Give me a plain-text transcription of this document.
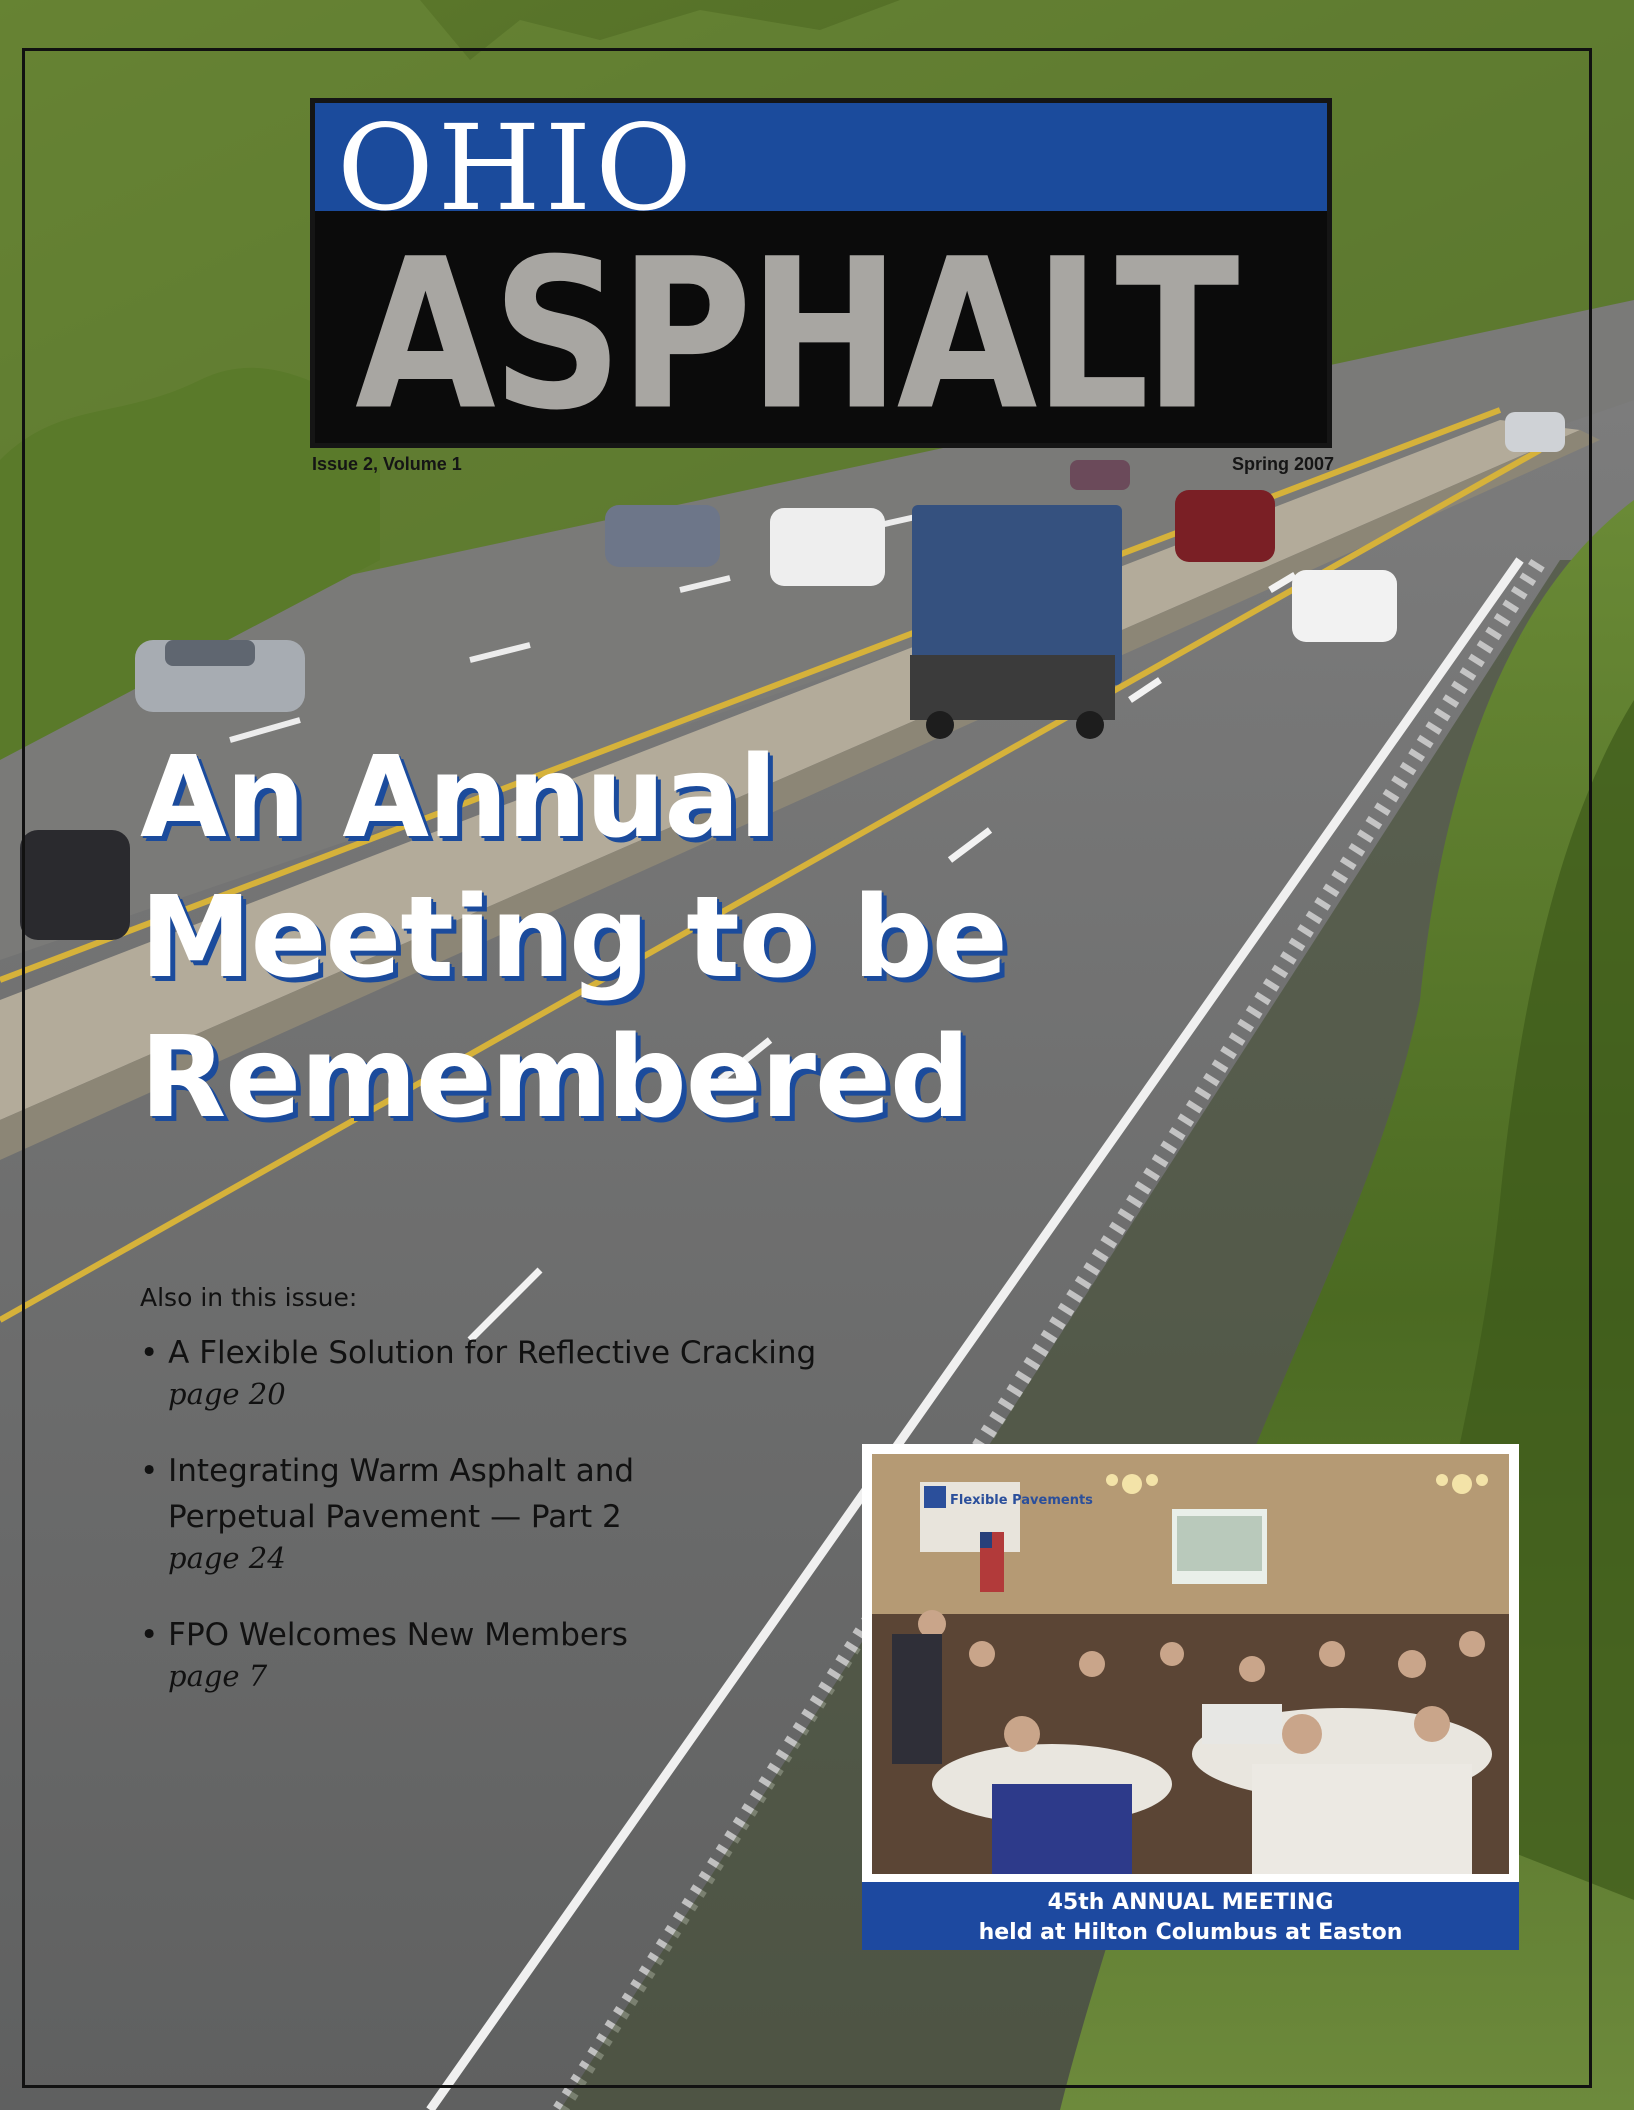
OHIO
ASPHALT
Issue 2, Volume 1	Spring 2007
An Annual
Meeting to be
Remembered
Also in this issue:
• A Flexible Solution for Reflective Cracking
page 20
• Integrating Warm Asphalt and
Perpetual Pavement — Part 2
page 24
• FPO Welcomes New Members
page 7
Flexible Pavements
45th ANNUAL MEETING
held at Hilton Columbus at Easton
